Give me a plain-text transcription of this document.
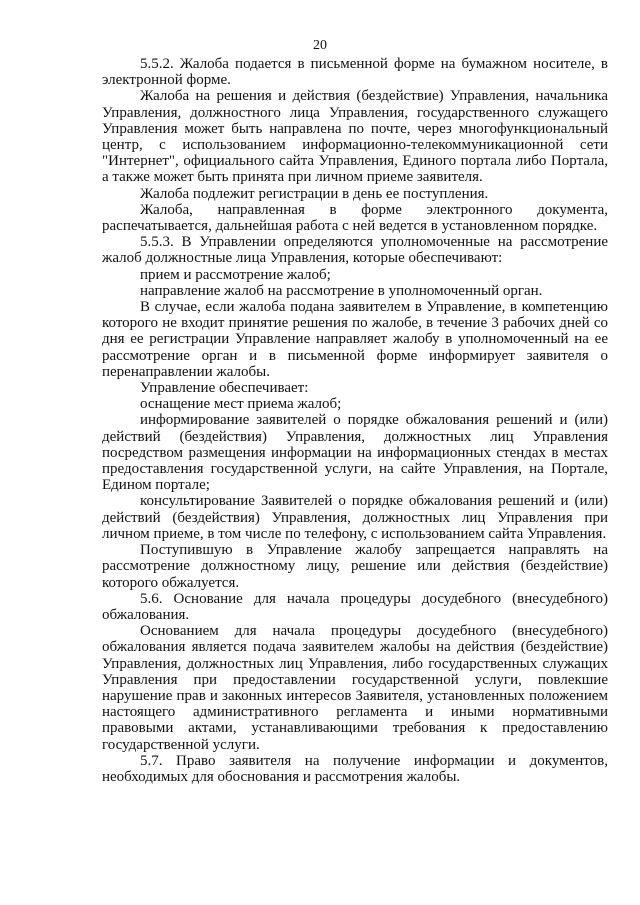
20

5.5.2. Жалоба подается в письменной форме на бумажном носителе, в электронной форме.

Жалоба на решения и действия (бездействие) Управления, начальника Управления, должностного лица Управления, государственного служащего Управления может быть направлена по почте, через многофункциональный центр, с использованием информационно-телекоммуникационной сети "Интернет", официального сайта Управления, Единого портала либо Портала, а также может быть принята при личном приеме заявителя.

Жалоба подлежит регистрации в день ее поступления.

Жалоба, направленная в форме электронного документа, распечатывается, дальнейшая работа с ней ведется в установленном порядке.

5.5.3. В Управлении определяются уполномоченные на рассмотрение жалоб должностные лица Управления, которые обеспечивают:

прием и рассмотрение жалоб;

направление жалоб на рассмотрение в уполномоченный орган.

В случае, если жалоба подана заявителем в Управление, в компетенцию которого не входит принятие решения по жалобе, в течение 3 рабочих дней со дня ее регистрации Управление направляет жалобу в уполномоченный на ее рассмотрение орган и в письменной форме информирует заявителя о перенаправлении жалобы.

Управление обеспечивает:

оснащение мест приема жалоб;

информирование заявителей о порядке обжалования решений и (или) действий (бездействия) Управления, должностных лиц Управления посредством размещения информации на информационных стендах в местах предоставления государственной услуги, на сайте Управления, на Портале, Едином портале;

консультирование Заявителей о порядке обжалования решений и (или) действий (бездействия) Управления, должностных лиц Управления при личном приеме, в том числе по телефону, с использованием сайта Управления.

Поступившую в Управление жалобу запрещается направлять на рассмотрение должностному лицу, решение или действия (бездействие) которого обжалуется.

5.6. Основание для начала процедуры досудебного (внесудебного) обжалования.

Основанием для начала процедуры досудебного (внесудебного) обжалования является подача заявителем жалобы на действия (бездействие) Управления, должностных лиц Управления, либо государственных служащих Управления при предоставлении государственной услуги, повлекшие нарушение прав и законных интересов Заявителя, установленных положением настоящего административного регламента и иными нормативными правовыми актами, устанавливающими требования к предоставлению государственной услуги.

5.7. Право заявителя на получение информации и документов, необходимых для обоснования и рассмотрения жалобы.
